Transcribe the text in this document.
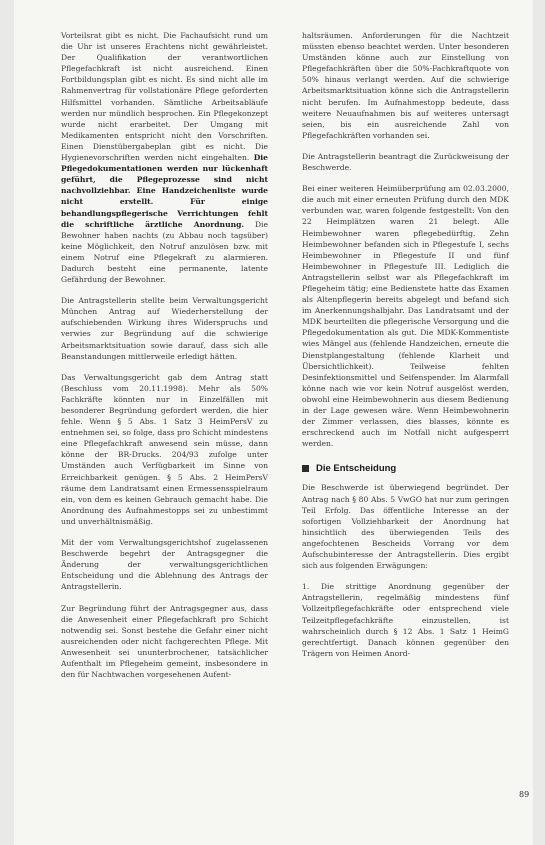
Vorteilsrat gibt es nicht. Die Fachaufsicht rund um die Uhr ist unseres Erachtens nicht gewährleistet. Der Qualifikation der verantwortlichen Pflegefachkraft ist nicht ausreichend. Einen Fortbildungsplan gibt es nicht. Es sind nicht alle im Rahmenvertrag für vollstationäre Pflege geforderten Hilfsmittel vorhanden. Sämtliche Arbeitsabläufe werden nur mündlich besprochen. Ein Pflegekonzept wurde nicht erarbeitet. Der Umgang mit Medikamenten entspricht nicht den Vorschriften. Einen Dienstübergabeplan gibt es nicht. Die Hygienevorschriften werden nicht eingehalten. Die Pflegedokumentationen werden nur lückenhaft geführt, die Pflegeprozesse sind nicht nachvollziehbar. Eine Handzeichenliste wurde nicht erstellt. Für einige behandlungspflegerische Verrichtungen fehlt die schriftliche ärztliche Anordnung. Die Bewohner haben nachts (zu Abbau noch tagsüber) keine Möglichkeit, den Notruf anzulösen bzw. mit einem Notruf eine Pflegekraft zu alarmieren. Dadurch besteht eine permanente, latente Gefährdung der Bewohner.

Die Antragstellerin stellte beim Verwaltungsgericht München Antrag auf Wiederherstellung der aufschiebenden Wirkung ihres Widerspruchs und verwies zur Begründung auf die schwierige Arbeitsmarktsituation sowie darauf, dass sich alle Beanstandungen mittlerweile erledigt hätten.

Das Verwaltungsgericht gab dem Antrag statt (Beschluss vom 20.11.1998). Mehr als 50% Fachkräfte könnten nur in Einzelfällen mit besonderer Begründung gefordert werden, die hier fehle. Wenn § 5 Abs. 1 Satz 3 HeimPersV zu entnehmen sei, so folge, dass pro Schicht mindestens eine Pflegefachkraft anwesend sein müsse, dann könne der BR-Drucks. 204/93 zufolge unter Umständen auch Verfügbarkeit im Sinne von Erreichbarkeit genügen. § 5 Abs. 2 HeimPersV räume dem Landratsamt einen Ermessensspielraum ein, von dem es keinen Gebrauch gemacht habe. Die Anordnung des Aufnahmestopps sei zu unbestimmt und unverhältnismäßig.

Mit der vom Verwaltungsgerichtshof zugelassenen Beschwerde begehrt der Antragsgegner die Änderung der verwaltungsgerichtlichen Entscheidung und die Ablehnung des Antrags der Antragstellerin.

Zur Begründung führt der Antragsgegner aus, dass die Anwesenheit einer Pflegefachkraft pro Schicht notwendig sei. Sonst bestehe die Gefahr einer nicht ausreichenden oder nicht fachgerechten Pflege. Mit Anwesenheit sei ununterbrochener, tatsächlicher Aufenthalt im Pflegeheim gemeint, insbesondere in den für Nachtwachen vorgesehenen Aufent-

haltsräumen. Anforderungen für die Nachtzeit müssten ebenso beachtet werden. Unter besonderen Umständen könne auch zur Einstellung von Pflegefachkräften über die 50%-Fachkraftquote von 50% hinaus verlangt werden. Auf die schwierige Arbeitsmarktsituation könne sich die Antragstellerin nicht berufen. Im Aufnahmestopp bedeute, dass weitere Neuaufnahmen bis auf weiteres untersagt seien, bis ein ausreichende Zahl von Pflegefachkräften vorhanden sei.

Die Antragstellerin beantragt die Zurückweisung der Beschwerde.

Bei einer weiteren Heimüberprüfung am 02.03.2000, die auch mit einer erneuten Prüfung durch den MDK verbunden war, waren folgende festgestellt: Von den 22 Heimplätzen waren 21 belegt. Alle Heimbewohner waren pflegebedürftig. Zehn Heimbewohner befanden sich in Pflegestufe I, sechs Heimbewohner in Pflegestufe II und fünf Heimbewohner in Pflegestufe III. Lediglich die Antragstellerin selbst war als Pflegefachkraft im Pflegeheim tätig; eine Bedienstete hatte das Examen als Altenpflegerin bereits abgelegt und befand sich im Anerkennungshalbjahr. Das Landratsamt und der MDK beurteilten die pflegerische Versorgung und die Pflegedokumentation als gut. Die MDK-Kommentiste wies Mängel aus (fehlende Handzeichen, erneute die Dienstplangestaltung (fehlende Klarheit und Übersichtlichkeit). Teilweise fehlten Desinfektionsmittel und Seifenspender. Im Alarmfall könne nach wie vor kein Notruf ausgelöst werden, obwohl eine Heimbewohnerin aus diesem Bedienung in der Lage gewesen wäre. Wenn Heimbewohnerin der Zimmer verlassen, dies blasses, könnte es erschreckend auch im Notfall nicht aufgesperrt werden.

Die Entscheidung

Die Beschwerde ist überwiegend begründet. Der Antrag nach § 80 Abs. 5 VwGO hat nur zum geringen Teil Erfolg. Das öffentliche Interesse an der sofortigen Vollziehbarkeit der Anordnung hat hinsichtlich des überwiegenden Teils des angefochtenen Bescheids Vorrang vor dem Aufschubinteresse der Antragstellerin. Dies ergibt sich aus folgenden Erwägungen:

1. Die strittige Anordnung gegenüber der Antragstellerin, regelmäßig mindestens fünf Vollzeitpflegefachkräfte oder entsprechend viele Teilzeitpflegefachkräfte einzustellen, ist wahrscheinlich durch § 12 Abs. 1 Satz 1 HeimG gerechtfertigt. Danach können gegenüber den Trägern von Heimen Anord-

89
